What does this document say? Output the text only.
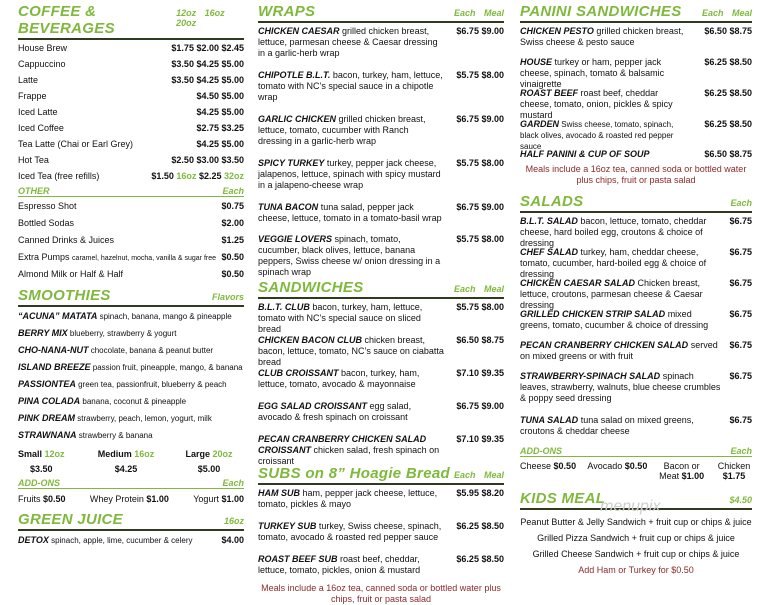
COFFEE & BEVERAGES
12oz 16oz 20oz
House Brew	$1.75 $2.00 $2.45
Cappuccino	$3.50 $4.25 $5.00
Latte	$3.50 $4.25 $5.00
Frappe	$4.50 $5.00
Iced Latte	$4.25 $5.00
Iced Coffee	$2.75 $3.25
Tea Latte (Chai or Earl Grey)	$4.25 $5.00
Hot Tea	$2.50 $3.00 $3.50
Iced Tea (free refills)	$1.50 16oz $2.25 32oz
OTHER	Each
Espresso Shot	$0.75
Bottled Sodas	$2.00
Canned Drinks & Juices	$1.25
Extra Pumps caramel, hazelnut, mocha, vanilla & sugar free $0.50
Almond Milk or Half & Half	$0.50
SMOOTHIES	Flavors
“ACUNA” MATATA spinach, banana, mango & pineapple
BERRY MIX blueberry, strawberry & yogurt
CHO-NANA-NUT chocolate, banana & peanut butter
ISLAND BREEZE passion fruit, pineapple, mango, & banana
PASSIONTEA green tea, passionfruit, blueberry & peach
PINA COLADA banana, coconut & pineapple
PINK DREAM strawberry, peach, lemon, yogurt, milk
STRAWNANA strawberry & banana
Small 12oz
$3.50
Medium 16oz
$4.25
Large 20oz
$5.00
ADD-ONS	Each
Fruits $0.50	Whey Protein $1.00	Yogurt $1.00
GREEN JUICE	16oz
DETOX spinach, apple, lime, cucumber & celery	$4.00
WRAPS	Each Meal
CHICKEN CAESAR grilled chicken breast, lettuce, parmesan cheese & Caesar dressing in a garlic-herb wrap
$6.75 $9.00
CHIPOTLE B.L.T. bacon, turkey, ham, lettuce, tomato with NC’s special sauce in a chipotle wrap
$5.75 $8.00
GARLIC CHICKEN grilled chicken breast, lettuce, tomato, cucumber with Ranch dressing in a garlic-herb wrap
$6.75 $9.00
SPICY TURKEY turkey, pepper jack cheese, jalapenos, lettuce, spinach with spicy mustard in a jalapeno-cheese wrap
$5.75 $8.00
TUNA BACON tuna salad, pepper jack cheese, lettuce, tomato in a tomato-basil wrap
$6.75 $9.00
VEGGIE LOVERS spinach, tomato, cucumber, black olives, lettuce, banana peppers, Swiss cheese w/ onion dressing in a spinach wrap
$5.75 $8.00
SANDWICHES	Each Meal
B.L.T. CLUB bacon, turkey, ham, lettuce, tomato with NC’s special sauce on sliced bread
$5.75 $8.00
CHICKEN BACON CLUB chicken breast, bacon, lettuce, tomato, NC’s sauce on ciabatta bread
$6.50 $8.75
CLUB CROISSANT bacon, turkey, ham, lettuce, tomato, avocado & mayonnaise
$7.10 $9.35
EGG SALAD CROISSANT egg salad, avocado & fresh spinach on croissant
$6.75 $9.00
PECAN CRANBERRY CHICKEN SALAD CROISSANT chicken salad, fresh spinach on croissant
$7.10 $9.35
SUBS on 8” Hoagie Bread Each Meal
HAM SUB ham, pepper jack cheese, lettuce, tomato, pickles & mayo
$5.95 $8.20
TURKEY SUB turkey, Swiss cheese, spinach, tomato, avocado & roasted red pepper sauce
$6.25 $8.50
ROAST BEEF SUB roast beef, cheddar, lettuce, tomato, pickles, onion & mustard
$6.25 $8.50
Meals include a 16oz tea, canned soda or bottled water plus chips, fruit or pasta salad
PANINI SANDWICHES Each Meal
CHICKEN PESTO grilled chicken breast, Swiss cheese & pesto sauce
$6.50 $8.75
HOUSE turkey or ham, pepper jack cheese, spinach, tomato & balsamic vinaigrette
$6.25 $8.50
ROAST BEEF roast beef, cheddar cheese, tomato, onion, pickles & spicy mustard
$6.25 $8.50
GARDEN Swiss cheese, tomato, spinach, black olives, avocado & roasted red pepper sauce
$6.25 $8.50
HALF PANINI & CUP OF SOUP	$6.50 $8.75
Meals include a 16oz tea, canned soda or bottled water plus chips, fruit or pasta salad
SALADS	Each
B.L.T. SALAD bacon, lettuce, tomato, cheddar cheese, hard boiled egg, croutons & choice of dressing
$6.75
CHEF SALAD turkey, ham, cheddar cheese, tomato, cucumber, hard-boiled egg & choice of dressing
$6.75
CHICKEN CAESAR SALAD Chicken breast, lettuce, croutons, parmesan cheese & Caesar dressing
$6.75
GRILLED CHICKEN STRIP SALAD mixed greens, tomato, cucumber & choice of dressing
$6.75
PECAN CRANBERRY CHICKEN SALAD served on mixed greens or with fruit
$6.75
STRAWBERRY-SPINACH SALAD spinach leaves, strawberry, walnuts, blue cheese crumbles & poppy seed dressing
$6.75
TUNA SALAD tuna salad on mixed greens, croutons & cheddar cheese
$6.75
ADD-ONS	Each
Cheese $0.50 Avocado $0.50	Bacon or Meat $1.00
Chicken $1.75
KIDS MEAL	$4.50
menupix
Peanut Butter & Jelly Sandwich + fruit cup or chips & juice
Grilled Pizza Sandwich + fruit cup or chips & juice
Grilled Cheese Sandwich + fruit cup or chips & juice
Add Ham or Turkey for $0.50
